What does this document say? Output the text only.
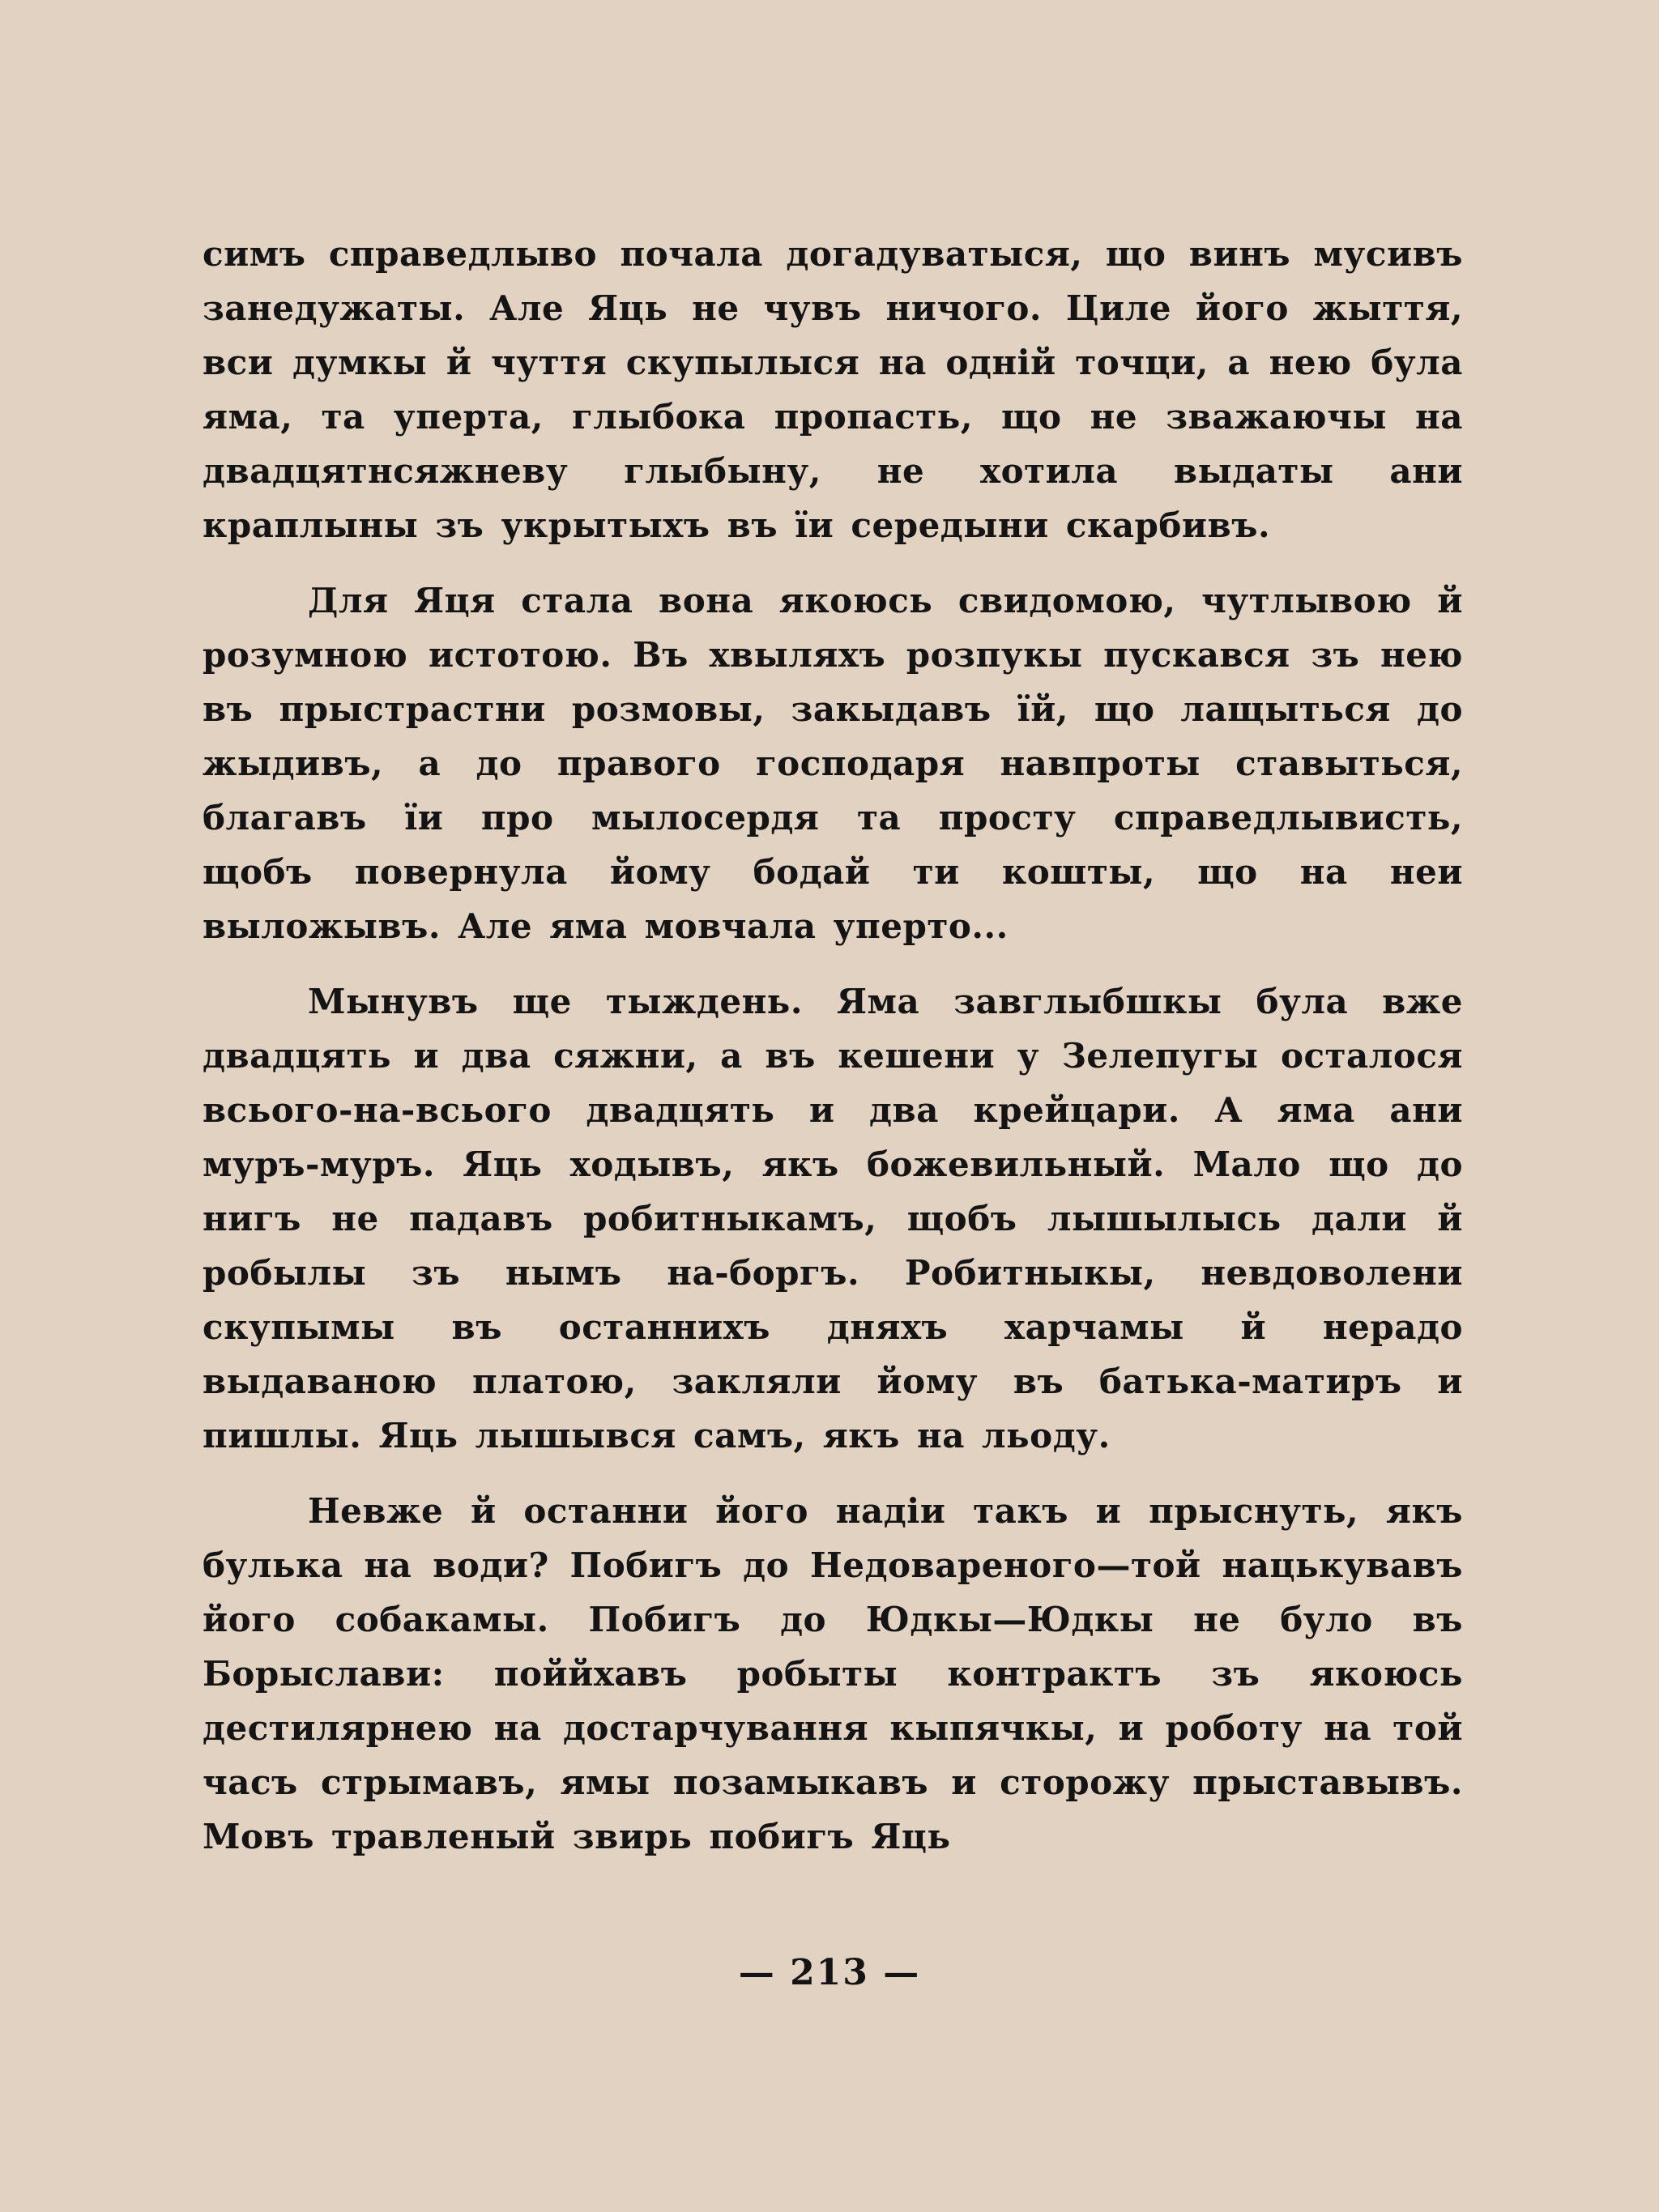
симъ справедлыво почала догадуватыся, що винъ мусивъ занедужаты. Але Яць не чувъ ничого. Циле його жыття, вси думкы й чуття скупылыся на однiй точци, а нею була яма, та уперта, глыбока пропасть, що не зважаючы на двадцятнсяжневу глыбыну, не хотила выдаты ани краплыны зъ укрытыхъ въ їи середыни скарбивъ.

Для Яця стала вона якоюсь свидомою, чутлывою й розумною истотою. Въ хвыляхъ розпукы пускався зъ нею въ прыстрастни розмовы, закыдавъ їй, що лащыться до жыдивъ, а до правого господаря навпроты ставыться, благавъ їи про мылосердя та просту справедлывисть, щобъ повернула йому бодай ти кошты, що на неи выложывъ. Але яма мовчала уперто...

Мынувъ ще тыждень. Яма завглыбшкы була вже двадцять и два сяжни, а въ кешени у Зелепугы осталося всього-на-всього двадцять и два крейцари. А яма ани муръ-муръ. Яць ходывъ, якъ божевильный. Мало що до нигъ не падавъ робитныкамъ, щобъ лышылысь дали й робылы зъ нымъ на-боргъ. Робитныкы, невдоволени скупымы въ останнихъ дняхъ харчамы й нерадо выдаваною платою, закляли йому въ батька-матиръ и пишлы. Яць лышывся самъ, якъ на льоду.

Невже й останни його надiи такъ и прыснуть, якъ булька на води? Побигъ до Недовареного—той нацькувавъ його собакамы. Побигъ до Юдкы—Юдкы не було въ Борыслави: поййхавъ робыты контрактъ зъ якоюсь дестилярнею на достарчування кыпячкы, и роботу на той часъ стрымавъ, ямы позамыкавъ и сторожу прыставывъ. Мовъ травленый звирь побигъ Яць

— 213 —
